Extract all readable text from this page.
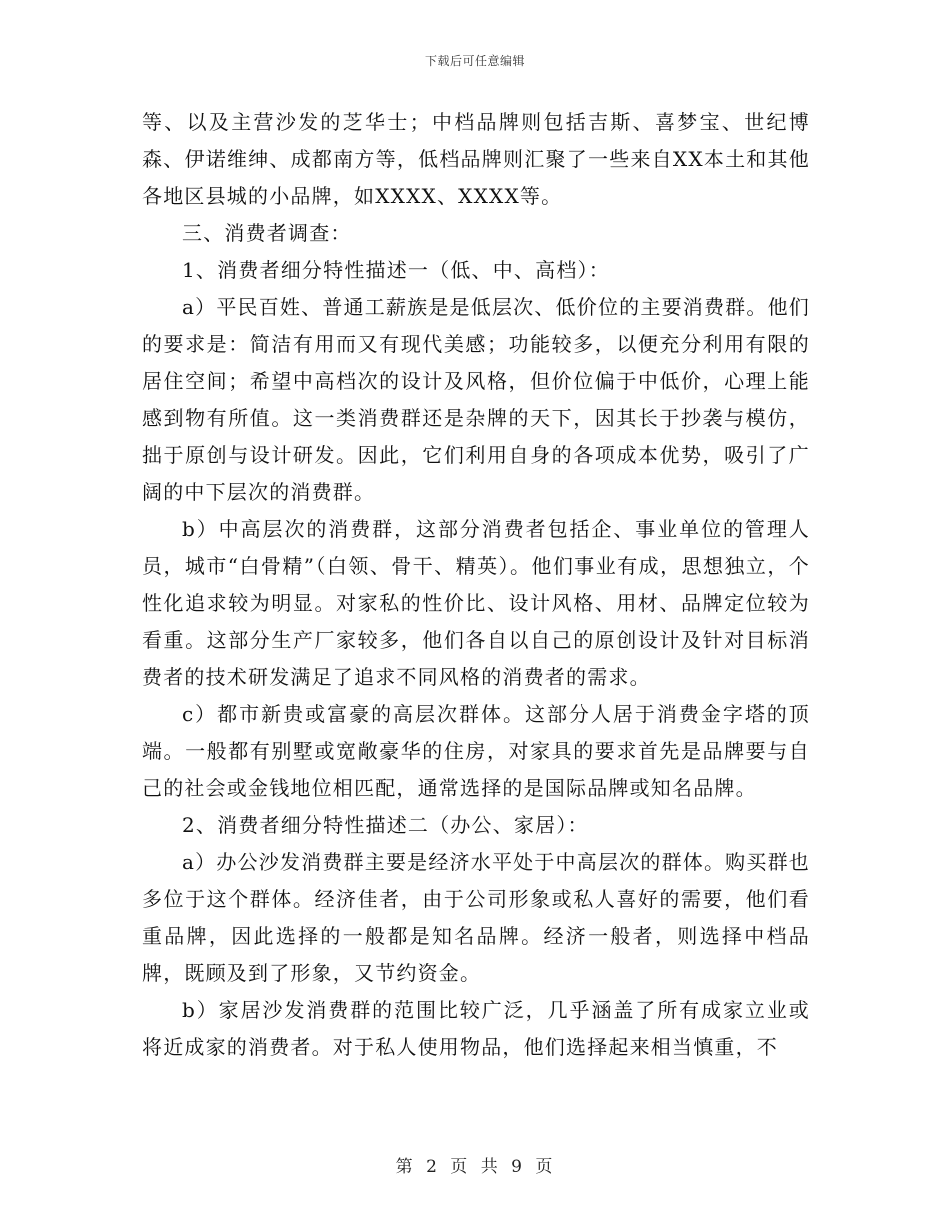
下载后可任意编辑

等、以及主营沙发的芝华士；中档品牌则包括吉斯、喜梦宝、世纪博森、伊诺维绅、成都南方等，低档品牌则汇聚了一些来自XX本土和其他各地区县城的小品牌，如XXXX、XXXX等。

三、消费者调查：

1、消费者细分特性描述一（低、中、高档）：

a）平民百姓、普通工薪族是是低层次、低价位的主要消费群。他们的要求是：简洁有用而又有现代美感；功能较多，以便充分利用有限的居住空间；希望中高档次的设计及风格，但价位偏于中低价，心理上能感到物有所值。这一类消费群还是杂牌的天下，因其长于抄袭与模仿，拙于原创与设计研发。因此，它们利用自身的各项成本优势，吸引了广阔的中下层次的消费群。

b）中高层次的消费群，这部分消费者包括企、事业单位的管理人员，城市“白骨精”（白领、骨干、精英）。他们事业有成，思想独立，个性化追求较为明显。对家私的性价比、设计风格、用材、品牌定位较为看重。这部分生产厂家较多，他们各自以自己的原创设计及针对目标消费者的技术研发满足了追求不同风格的消费者的需求。

c）都市新贵或富豪的高层次群体。这部分人居于消费金字塔的顶端。一般都有别墅或宽敞豪华的住房，对家具的要求首先是品牌要与自己的社会或金钱地位相匹配，通常选择的是国际品牌或知名品牌。

2、消费者细分特性描述二（办公、家居）：

a）办公沙发消费群主要是经济水平处于中高层次的群体。购买群也多位于这个群体。经济佳者，由于公司形象或私人喜好的需要，他们看重品牌，因此选择的一般都是知名品牌。经济一般者，则选择中档品牌，既顾及到了形象，又节约资金。

b）家居沙发消费群的范围比较广泛，几乎涵盖了所有成家立业或将近成家的消费者。对于私人使用物品，他们选择起来相当慎重，不

第 2 页 共 9 页
